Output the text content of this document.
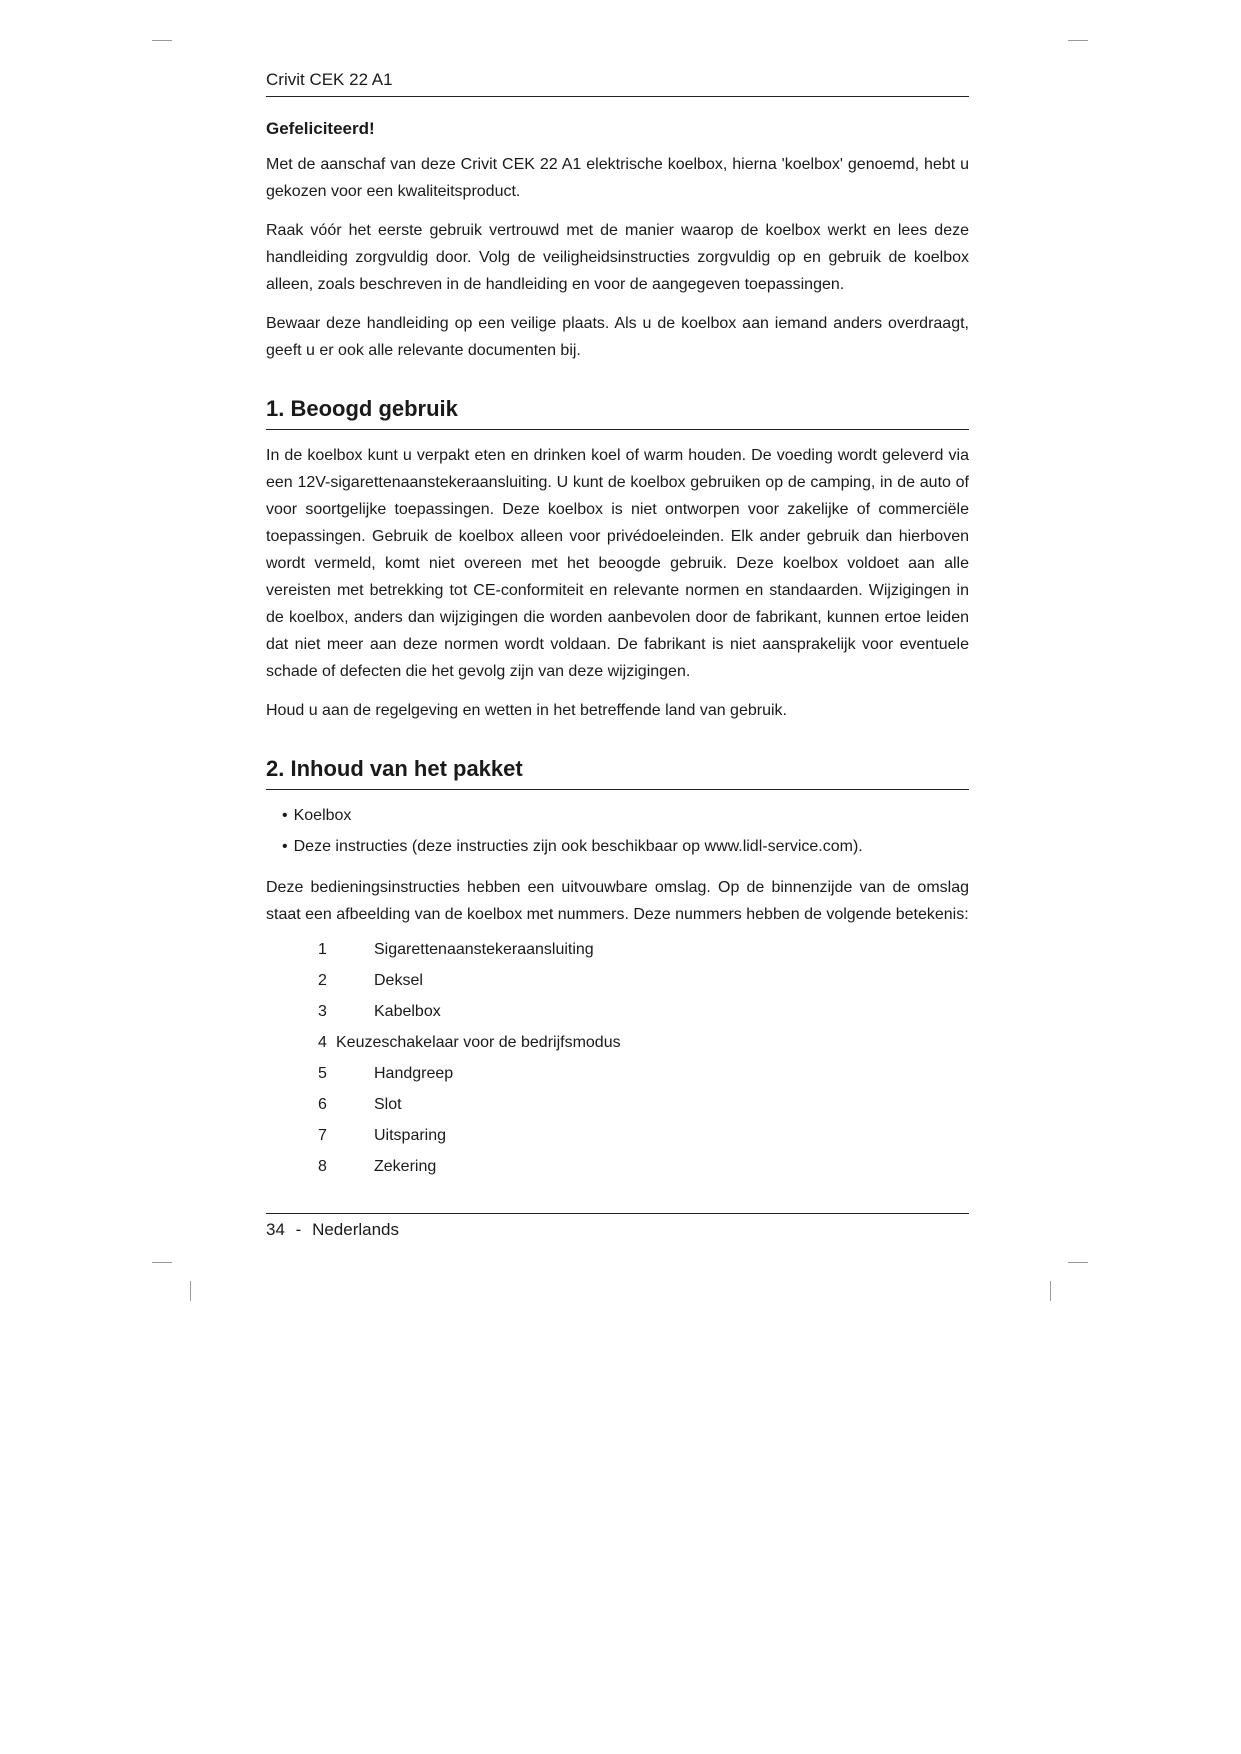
Crivit CEK 22 A1
Gefeliciteerd!

Met de aanschaf van deze Crivit CEK 22 A1 elektrische koelbox, hierna 'koelbox' genoemd, hebt u gekozen voor een kwaliteitsproduct.

Raak vóór het eerste gebruik vertrouwd met de manier waarop de koelbox werkt en lees deze handleiding zorgvuldig door. Volg de veiligheidsinstructies zorgvuldig op en gebruik de koelbox alleen, zoals beschreven in de handleiding en voor de aangegeven toepassingen.

Bewaar deze handleiding op een veilige plaats. Als u de koelbox aan iemand anders overdraagt, geeft u er ook alle relevante documenten bij.

1. Beoogd gebruik

In de koelbox kunt u verpakt eten en drinken koel of warm houden. De voeding wordt geleverd via een 12V-sigarettenaanstekeraansluiting. U kunt de koelbox gebruiken op de camping, in de auto of voor soortgelijke toepassingen. Deze koelbox is niet ontworpen voor zakelijke of commerciële toepassingen. Gebruik de koelbox alleen voor privédoeleinden. Elk ander gebruik dan hierboven wordt vermeld, komt niet overeen met het beoogde gebruik. Deze koelbox voldoet aan alle vereisten met betrekking tot CE-conformiteit en relevante normen en standaarden. Wijzigingen in de koelbox, anders dan wijzigingen die worden aanbevolen door de fabrikant, kunnen ertoe leiden dat niet meer aan deze normen wordt voldaan. De fabrikant is niet aansprakelijk voor eventuele schade of defecten die het gevolg zijn van deze wijzigingen.

Houd u aan de regelgeving en wetten in het betreffende land van gebruik.

2. Inhoud van het pakket
• Koelbox
• Deze instructies (deze instructies zijn ook beschikbaar op www.lidl-service.com).

Deze bedieningsinstructies hebben een uitvouwbare omslag. Op de binnenzijde van de omslag staat een afbeelding van de koelbox met nummers. Deze nummers hebben de volgende betekenis:

1	Sigarettenaanstekeraansluiting
2	Deksel
3	Kabelbox
4 Keuzeschakelaar voor de bedrijfsmodus
5	Handgreep
6	Slot
7	Uitsparing
8	Zekering
34 - Nederlands
